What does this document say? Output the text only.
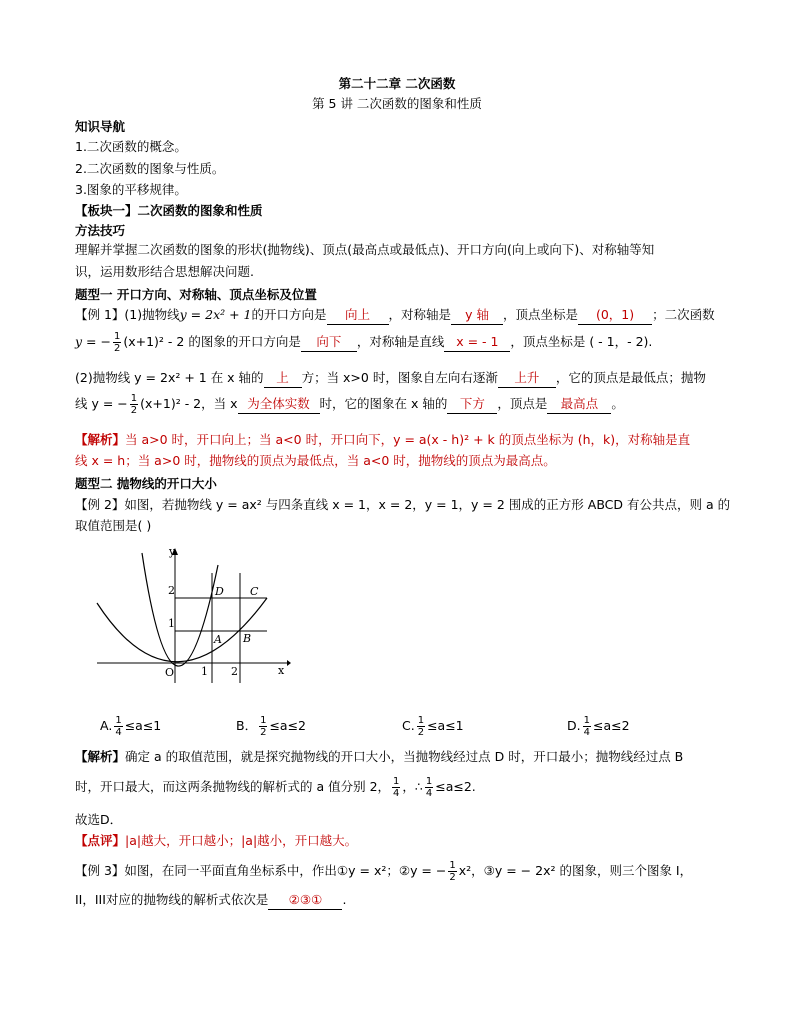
第二十二章 二次函数
第 5 讲 二次函数的图象和性质
知识导航
1.二次函数的概念。
2.二次函数的图象与性质。
3.图象的平移规律。
【板块一】二次函数的图象和性质
方法技巧
理解并掌握二次函数的图象的形状(抛物线)、顶点(最高点或最低点)、开口方向(向上或向下)、对称轴等知
识，运用数形结合思想解决问题.
题型一 开口方向、对称轴、顶点坐标及位置
【例 1】(1)抛物线y = 2x² + 1的开口方向是 向上 ，对称轴是 y 轴 ，顶点坐标是 (0，1) ；二次函数
y = − $\frac{1}{2} (x+1)^2 - 2$ 的图象的开口方向是 向下 ，对称轴是直线 x = - 1 ，顶点坐标是 ( - 1，- 2).
(2)抛物线 y = 2x² + 1 在 x 轴的 上 方；当 x>0 时，图象自左向右逐渐 上升 ，它的顶点是最低点；抛物
线 y = − $\frac{1}{2} (x+1)^2 - 2$，当 x 为全体实数 时，它的图象在 x 轴的 下方 ，顶点是 最高点 。
【解析】当 a>0 时，开口向上；当 a<0 时，开口向下，y = a(x - h)² + k 的顶点坐标为 (h，k)，对称轴是直
线 x = h；当 a>0 时，抛物线的顶点为最低点，当 a<0 时，抛物线的顶点为最高点。
题型二 抛物线的开口大小
【例 2】如图，若抛物线 y = ax² 与四条直线 x = 1，x = 2，y = 1，y = 2 围成的正方形 ABCD 有公共点，则 a 的
取值范围是( )
y
x
O 1 2
1
2
A B
C
D
A. $\frac{1}{4} \le a\le 1$	B． $\frac{1}{2} \le a\le 2$	C. $\frac{1}{2} \le a\le 1$	D. $\frac{1}{4} \le a\le 2$
【解析】确定 a 的取值范围，就是探究抛物线的开口大小，当抛物线经过点 D 时，开口最小；抛物线经过点 B
时，开口最大，而这两条抛物线的解析式的 a 值分别 2， $\frac{1}{4}$ ，∴ $\frac{1}{4} \le a\le 2$.
故选D．
【点评】|a|越大，开口越小；|a|越小，开口越大。
【例 3】如图，在同一平面直角坐标系中，作出①y = x²；②y = − $\frac{1}{2} x^2$，③y = − 2x² 的图象，则三个图象 I，
II，III对应的抛物线的解析式依次是 ②③① .
